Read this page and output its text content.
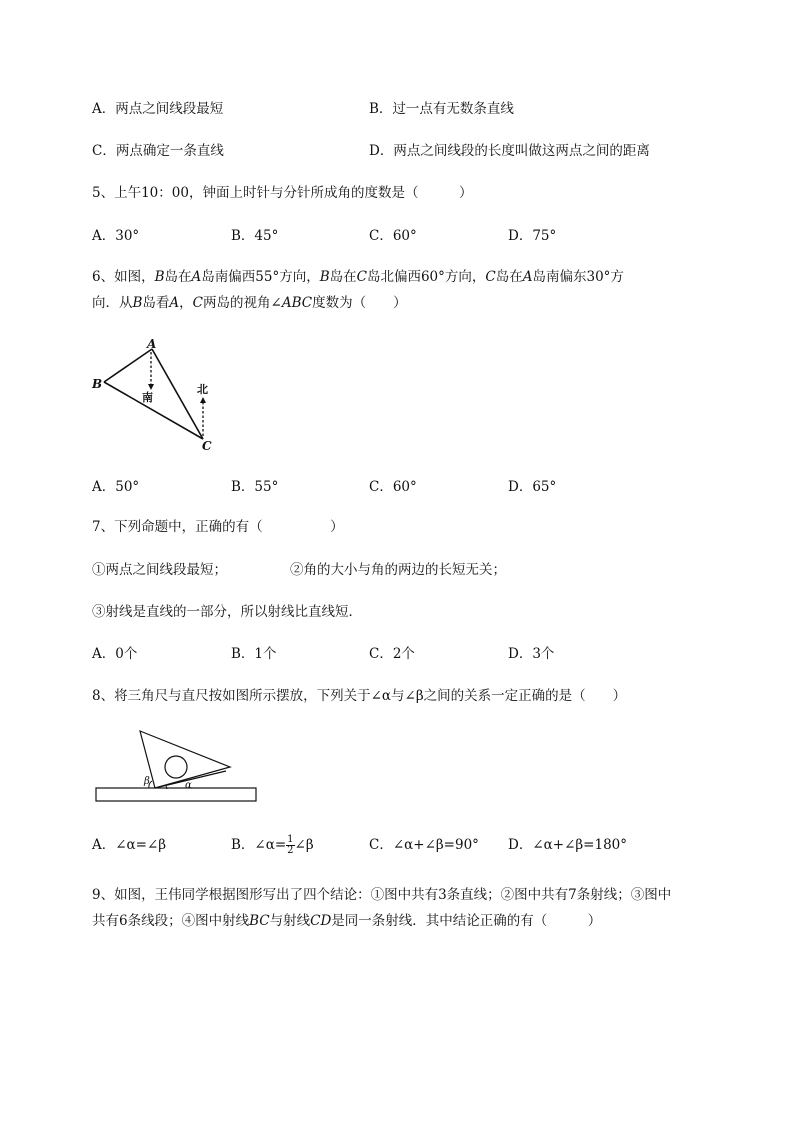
A．两点之间线段最短	B．过一点有无数条直线
C．两点确定一条直线	D．两点之间线段的长度叫做这两点之间的距离
5、上午10：00，钟面上时针与分针所成角的度数是（　　　）
A．30°	B．45°	C．60°	D．75°
6、如图，B岛在A岛南偏西55°方向，B岛在C岛北偏西60°方向，C岛在A岛南偏东30°方
向．从B岛看A，C两岛的视角∠ABC度数为（　　）
A
B
C
南
北
A．50°	B．55°	C．60°	D．65°
7、下列命题中，正确的有（　　　　　）
①两点之间线段最短；	②角的大小与角的两边的长短无关；
③射线是直线的一部分，所以射线比直线短．
A．0个	B．1个	C．2个	D．3个
8、将三角尺与直尺按如图所示摆放，下列关于∠α与∠β之间的关系一定正确的是（　　）
β	α
A．∠α=∠β	B．∠α= $\frac{1}{2}$ ∠β	C．∠α+∠β=90° D．∠α+∠β=180°
9、如图，王伟同学根据图形写出了四个结论：①图中共有3条直线；②图中共有7条射线；③图中
共有6条线段；④图中射线BC与射线CD是同一条射线．其中结论正确的有（　　　）
